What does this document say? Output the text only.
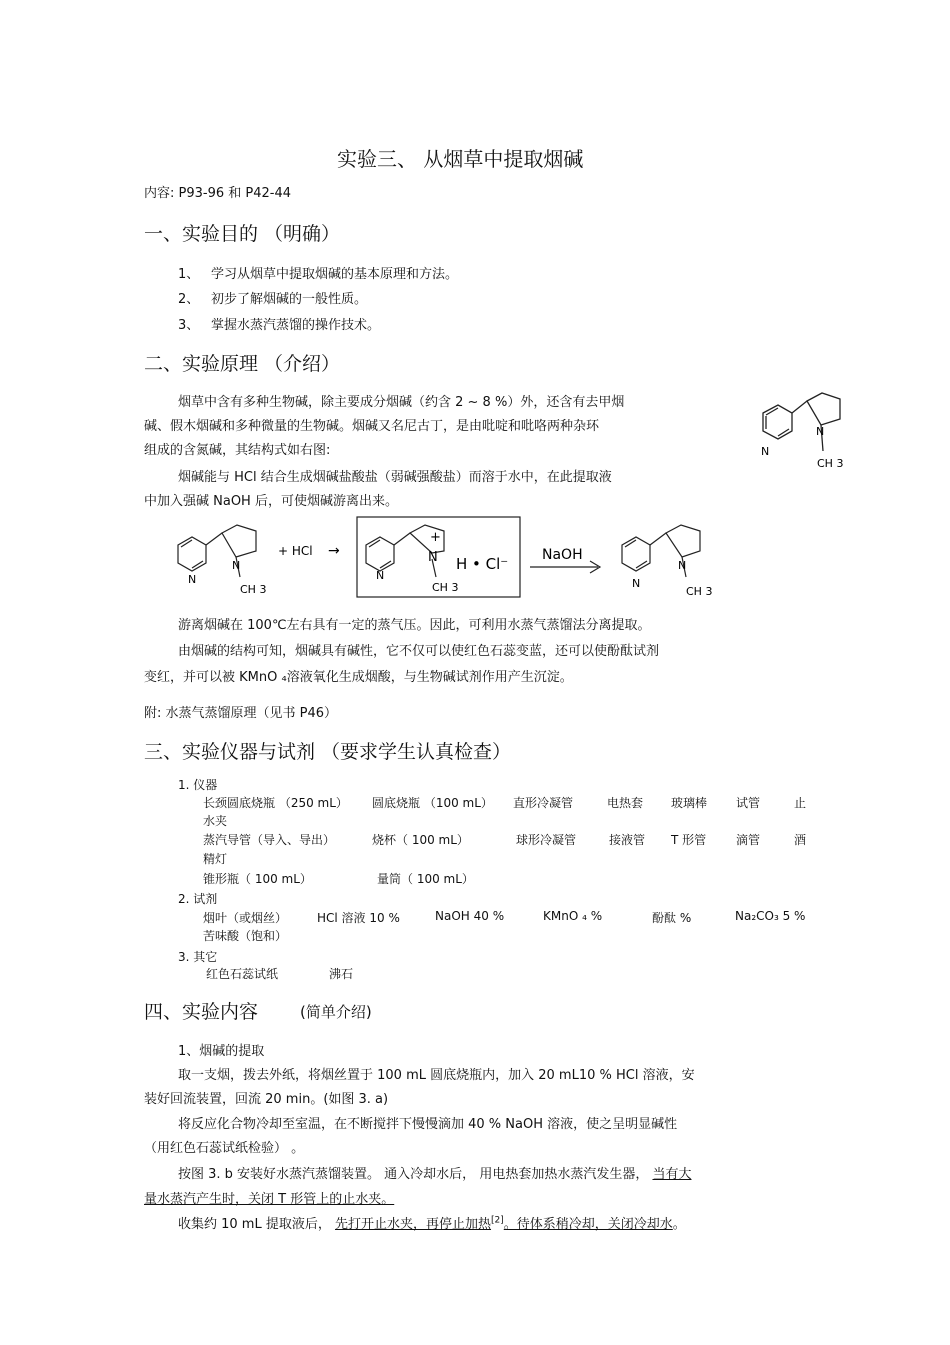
实验三、 从烟草中提取烟碱
内容: P93-96 和 P42-44
一、实验目的 （明确）
1、 学习从烟草中提取烟碱的基本原理和方法。
2、 初步了解烟碱的一般性质。
3、 掌握水蒸汽蒸馏的操作技术。
二、实验原理 （介绍）
烟草中含有多种生物碱，除主要成分烟碱（约含 2 ~ 8 %）外，还含有去甲烟
碱、假木烟碱和多种微量的生物碱。烟碱又名尼古丁，是由吡啶和吡咯两种杂环
组成的含氮碱，其结构式如右图:
烟碱能与 HCl 结合生成烟碱盐酸盐（弱碱强酸盐）而溶于水中，在此提取液
中加入强碱 NaOH 后，可使烟碱游离出来。
N
N
CH 3
N
N
CH 3
+ HCl →
N
+
N H • Cl⁻
CH 3
NaOH
N
N
CH 3
游离烟碱在 100℃左右具有一定的蒸气压。因此，可利用水蒸气蒸馏法分离提取。
由烟碱的结构可知，烟碱具有碱性，它不仅可以使红色石蕊变蓝，还可以使酚酞试剂
变红，并可以被 KMnO ₄溶液氧化生成烟酸，与生物碱试剂作用产生沉淀。
附: 水蒸气蒸馏原理（见书 P46）
三、实验仪器与试剂 （要求学生认真检查）
1. 仪器
长颈圆底烧瓶 （250 mL） 圆底烧瓶 （100 mL） 直形冷凝管	电热套 玻璃棒 试管	止
水夹
蒸汽导管（导入、导出）	烧杯（ 100 mL）	球形冷凝管	接液管 T 形管 滴管	酒
精灯
锥形瓶（ 100 mL）	量筒（ 100 mL）
2. 试剂
烟叶（或烟丝） HCl 溶液 10 %	NaOH 40 %	KMnO ₄ %	酚酞 %	Na₂CO₃ 5 %
苦味酸（饱和）
3. 其它
红色石蕊试纸	沸石
四、实验内容	(简单介绍)
1、烟碱的提取
取一支烟，拨去外纸，将烟丝置于 100 mL 圆底烧瓶内，加入 20 mL10 % HCl 溶液，安
装好回流装置，回流 20 min。(如图 3. a)
将反应化合物冷却至室温，在不断搅拌下慢慢滴加 40 % NaOH 溶液，使之呈明显碱性
（用红色石蕊试纸检验） 。
按图 3. b 安装好水蒸汽蒸馏装置。 通入冷却水后， 用电热套加热水蒸汽发生器， 当有大
量水蒸汽产生时，关闭 T 形管上的止水夹。
收集约 10 mL 提取液后， 先打开止水夹，再停止加热[2]。待体系稍冷却，关闭冷却水。
